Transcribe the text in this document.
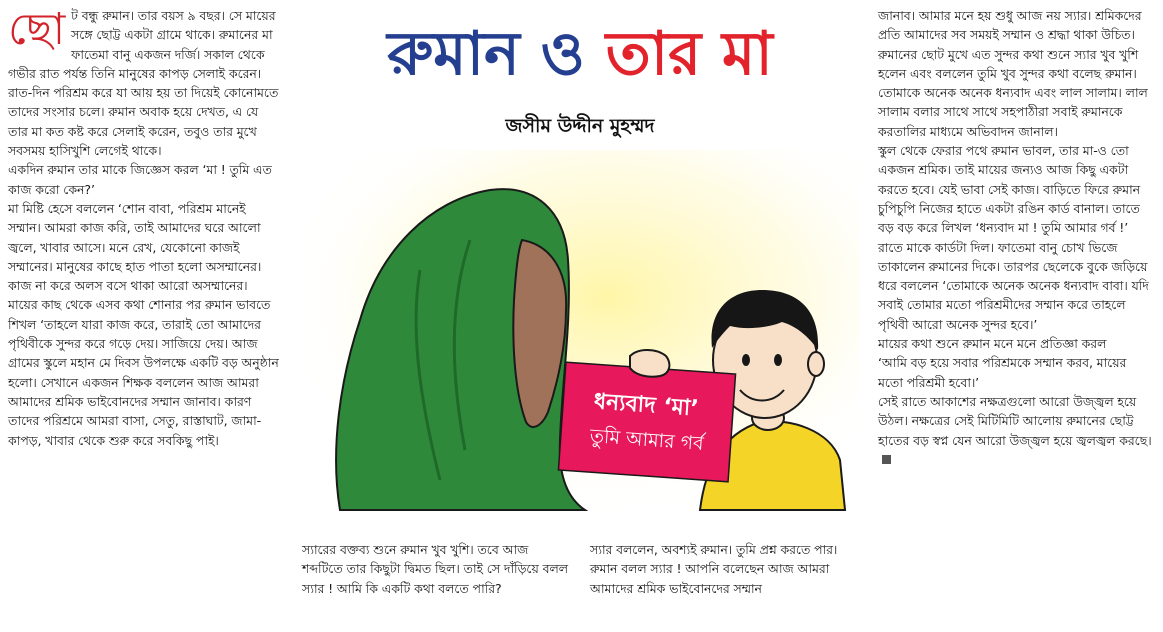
ছোট বন্ধু রুমান। তার বয়স ৯ বছর। সে মায়ের সঙ্গে ছোট্ট একটা গ্রামে থাকে। রুমানের মা ফাতেমা বানু একজন দর্জি। সকাল থেকে গভীর রাত পর্যন্ত তিনি মানুষের কাপড় সেলাই করেন। রাত-দিন পরিশ্রম করে যা আয় হয় তা দিয়েই কোনোমতে তাদের সংসার চলে। রুমান অবাক হয়ে দেখত, এ যে তার মা কত কষ্ট করে সেলাই করেন, তবুও তার মুখে সবসময় হাসিখুশি লেগেই থাকে।

একদিন রুমান তার মাকে জিজ্ঞেস করল ‘মা ! তুমি এত কাজ করো কেন?’

মা মিষ্টি হেসে বললেন ‘শোন বাবা, পরিশ্রম মানেই সম্মান। আমরা কাজ করি, তাই আমাদের ঘরে আলো জ্বলে, খাবার আসে। মনে রেখ, যেকোনো কাজই সম্মানের। মানুষের কাছে হাত পাতা হলো অসম্মানের। কাজ না করে অলস বসে থাকা আরো অসম্মানের।

মায়ের কাছ থেকে এসব কথা শোনার পর রুমান ভাবতে শিখল ‘তাহলে যারা কাজ করে, তারাই তো আমাদের পৃথিবীকে সুন্দর করে গড়ে দেয়। সাজিয়ে দেয়। আজ গ্রামের স্কুলে মহান মে দিবস উপলক্ষে একটি বড় অনুষ্ঠান হলো। সেখানে একজন শিক্ষক বললেন আজ আমরা আমাদের শ্রমিক ভাইবোনদের সম্মান জানাব। কারণ তাদের পরিশ্রমে আমরা বাসা, সেতু, রাস্তাঘাট, জামা-কাপড়, খাবার থেকে শুরু করে সবকিছু পাই।

রুমান ও তার মা
জসীম উদ্দীন মুহম্মদ
ধন্যবাদ ‘মা’
তুমি আমার গর্ব

স্যারের বক্তব্য শুনে রুমান খুব খুশি। তবে আজ শব্দটিতে তার কিছুটা দ্বিমত ছিল। তাই সে দাঁড়িয়ে বলল স্যার ! আমি কি একটি কথা বলতে পারি?

স্যার বললেন, অবশ্যই রুমান। তুমি প্রশ্ন করতে পার।

রুমান বলল স্যার ! আপনি বলেছেন আজ আমরা আমাদের শ্রমিক ভাইবোনদের সম্মান

জানাব। আমার মনে হয় শুধু আজ নয় স্যার। শ্রমিকদের প্রতি আমাদের সব সময়ই সম্মান ও শ্রদ্ধা থাকা উচিত।

রুমানের ছোট মুখে এত সুন্দর কথা শুনে স্যার খুব খুশি হলেন এবং বললেন তুমি খুব সুন্দর কথা বলেছ রুমান। তোমাকে অনেক অনেক ধন্যবাদ এবং লাল সালাম। লাল সালাম বলার সাথে সাথে সহপাঠীরা সবাই রুমানকে করতালির মাধ্যমে অভিবাদন জানাল।

স্কুল থেকে ফেরার পথে রুমান ভাবল, তার মা-ও তো একজন শ্রমিক। তাই মায়ের জন্যও আজ কিছু একটা করতে হবে। যেই ভাবা সেই কাজ। বাড়িতে ফিরে রুমান চুপিচুপি নিজের হাতে একটা রঙিন কার্ড বানাল। তাতে বড় বড় করে লিখল ‘ধন্যবাদ মা ! তুমি আমার গর্ব !’ রাতে মাকে কার্ডটা দিল। ফাতেমা বানু চোখ ভিজে তাকালেন রুমানের দিকে। তারপর ছেলেকে বুকে জড়িয়ে ধরে বললেন ‘তোমাকে অনেক অনেক ধন্যবাদ বাবা। যদি সবাই তোমার মতো পরিশ্রমীদের সম্মান করে তাহলে পৃথিবী আরো অনেক সুন্দর হবে।’

মায়ের কথা শুনে রুমান মনে মনে প্রতিজ্ঞা করল

‘আমি বড় হয়ে সবার পরিশ্রমকে সম্মান করব, মায়ের মতো পরিশ্রমী হবো।’

সেই রাতে আকাশের নক্ষত্রগুলো আরো উজ্জ্বল হয়ে উঠল। নক্ষত্রের সেই মিটিমিটি আলোয় রুমানের ছোট্ট হাতের বড় স্বপ্ন যেন আরো উজ্জ্বল হয়ে জ্বলজ্বল করছে।
